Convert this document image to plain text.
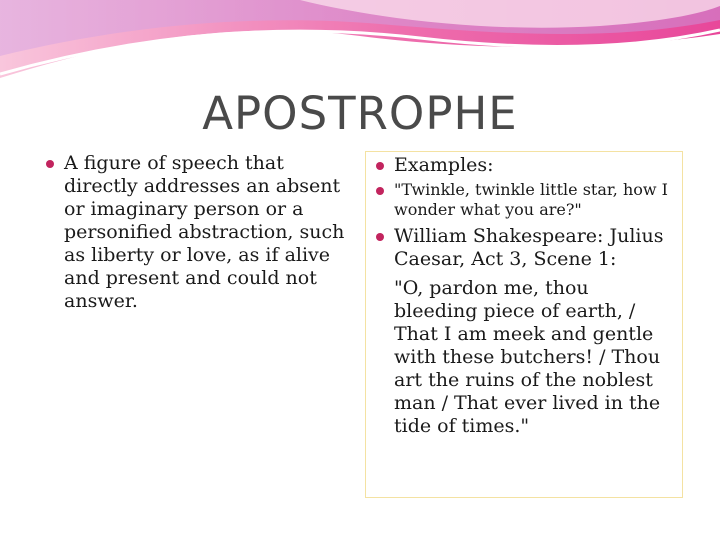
APOSTROPHE
A figure of speech that directly addresses an absent or imaginary person or a personified abstraction, such as liberty or love, as if alive and present and could not answer.
Examples:
"Twinkle, twinkle little star, how I wonder what you are?"
William Shakespeare: Julius Caesar, Act 3, Scene 1:
"O, pardon me, thou bleeding piece of earth, / That I am meek and gentle with these butchers! / Thou art the ruins of the noblest man / That ever lived in the tide of times."
